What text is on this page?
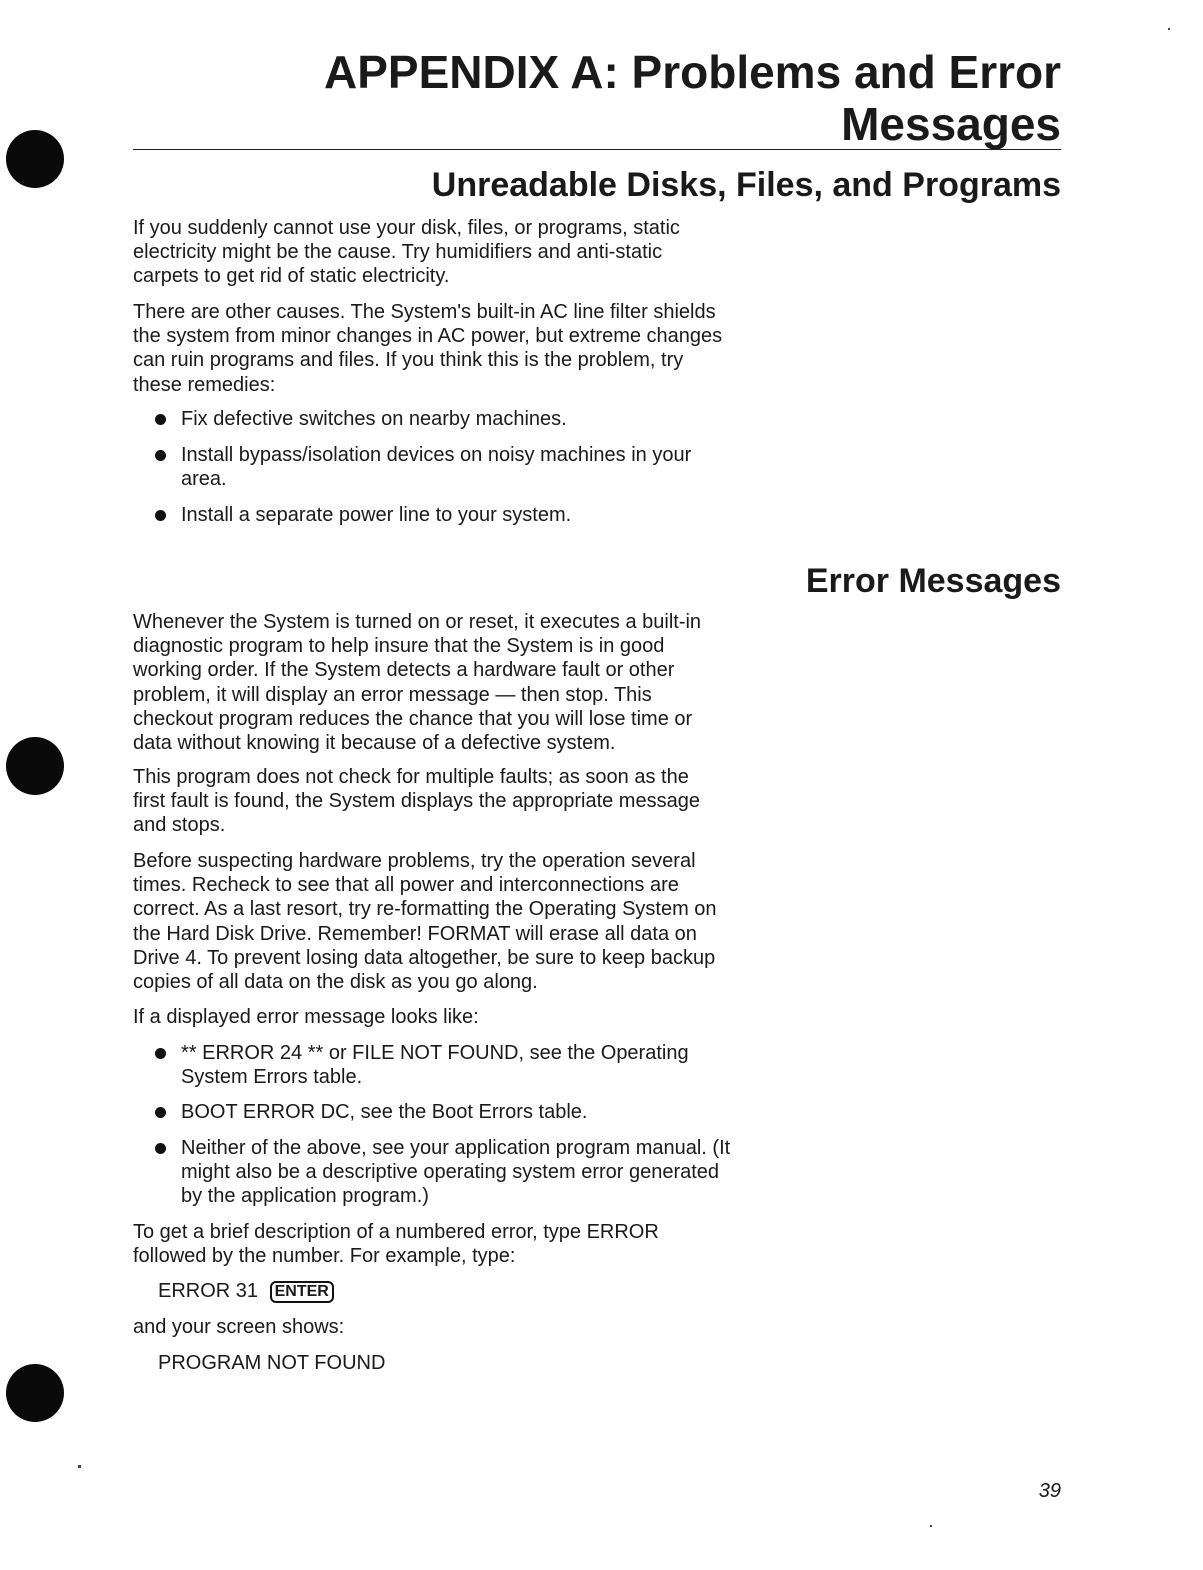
APPENDIX A: Problems and Error
Messages
Unreadable Disks, Files, and Programs

If you suddenly cannot use your disk, files, or programs, static
electricity might be the cause. Try humidifiers and anti-static
carpets to get rid of static electricity.

There are other causes. The System's built-in AC line filter shields
the system from minor changes in AC power, but extreme changes
can ruin programs and files. If you think this is the problem, try
these remedies:

Fix defective switches on nearby machines.

Install bypass/isolation devices on noisy machines in your
area.

Install a separate power line to your system.

Error Messages

Whenever the System is turned on or reset, it executes a built-in
diagnostic program to help insure that the System is in good
working order. If the System detects a hardware fault or other
problem, it will display an error message — then stop. This
checkout program reduces the chance that you will lose time or
data without knowing it because of a defective system.

This program does not check for multiple faults; as soon as the
first fault is found, the System displays the appropriate message
and stops.

Before suspecting hardware problems, try the operation several
times. Recheck to see that all power and interconnections are
correct. As a last resort, try re-formatting the Operating System on
the Hard Disk Drive. Remember! FORMAT will erase all data on
Drive 4. To prevent losing data altogether, be sure to keep backup
copies of all data on the disk as you go along.

If a displayed error message looks like:

** ERROR 24 ** or FILE NOT FOUND, see the Operating
System Errors table.

BOOT ERROR DC, see the Boot Errors table.

Neither of the above, see your application program manual. (It
might also be a descriptive operating system error generated
by the application program.)

To get a brief description of a numbered error, type ERROR
followed by the number. For example, type:

ERROR 31 ENTER

and your screen shows:

PROGRAM NOT FOUND

39
